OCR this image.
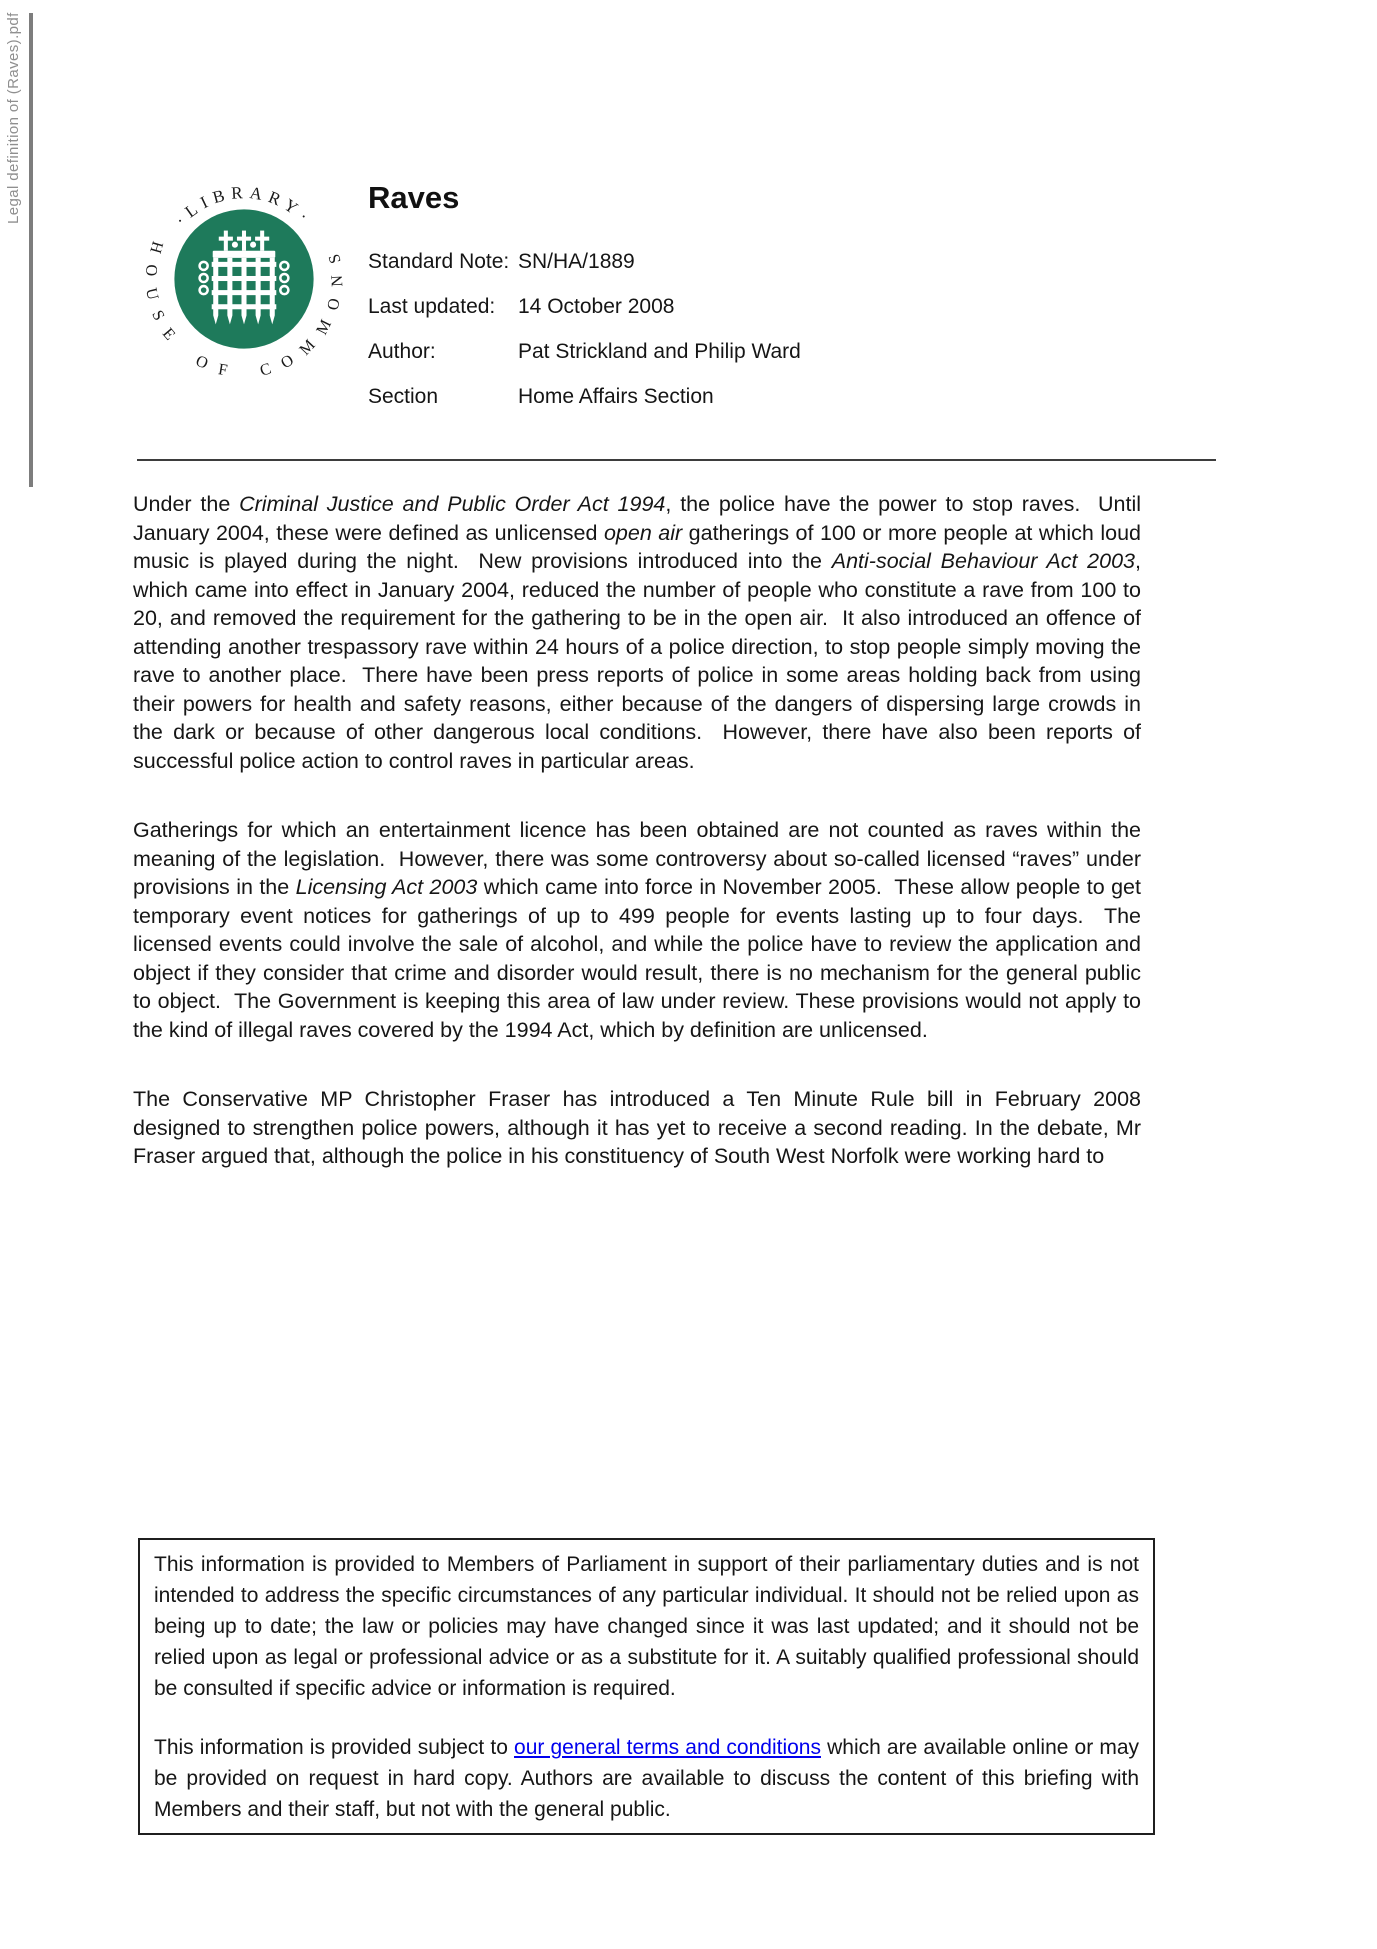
Legal definition of (Raves).pdf	·LIBRARY·
HOUSE OF COMMONS
Raves
Standard Note: SN/HA/1889
Last updated:	14 October 2008
Author:	Pat Strickland and Philip Ward
Section	Home Affairs Section

Under the Criminal Justice and Public Order Act 1994, the police have the power to stop raves.  Until January 2004, these were defined as unlicensed open air gatherings of 100 or more people at which loud music is played during the night.  New provisions introduced into the Anti-social Behaviour Act 2003, which came into effect in January 2004, reduced the number of people who constitute a rave from 100 to 20, and removed the requirement for the gathering to be in the open air.  It also introduced an offence of attending another trespassory rave within 24 hours of a police direction, to stop people simply moving the rave to another place.  There have been press reports of police in some areas holding back from using their powers for health and safety reasons, either because of the dangers of dispersing large crowds in the dark or because of other dangerous local conditions.  However, there have also been reports of successful police action to control raves in particular areas.

Gatherings for which an entertainment licence has been obtained are not counted as raves within the meaning of the legislation.  However, there was some controversy about so-called licensed “raves” under provisions in the Licensing Act 2003 which came into force in November 2005.  These allow people to get temporary event notices for gatherings of up to 499 people for events lasting up to four days.  The licensed events could involve the sale of alcohol, and while the police have to review the application and object if they consider that crime and disorder would result, there is no mechanism for the general public to object.  The Government is keeping this area of law under review. These provisions would not apply to the kind of illegal raves covered by the 1994 Act, which by definition are unlicensed.

The Conservative MP Christopher Fraser has introduced a Ten Minute Rule bill in February 2008 designed to strengthen police powers, although it has yet to receive a second reading. In the debate, Mr Fraser argued that, although the police in his constituency of South West Norfolk were working hard to

This information is provided to Members of Parliament in support of their parliamentary duties and is not intended to address the specific circumstances of any particular individual. It should not be relied upon as being up to date; the law or policies may have changed since it was last updated; and it should not be relied upon as legal or professional advice or as a substitute for it. A suitably qualified professional should be consulted if specific advice or information is required.

This information is provided subject to our general terms and conditions which are available online or may be provided on request in hard copy. Authors are available to discuss the content of this briefing with Members and their staff, but not with the general public.
